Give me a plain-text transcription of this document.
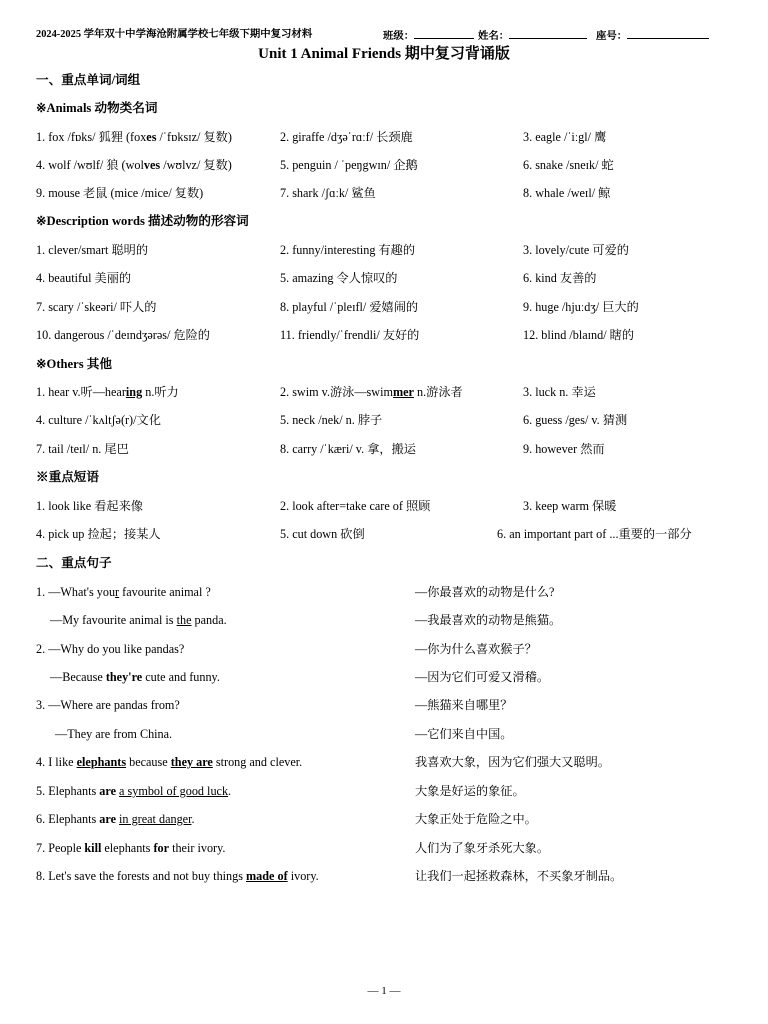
2024-2025 学年双十中学海沧附属学校七年级下期中复习材料	班级：	姓名：	座号：
Unit 1 Animal Friends 期中复习背诵版
一、重点单词/词组
※Animals 动物类名词
1. fox /fɒks/ 狐狸 (foxes /ˈfɒksɪz/ 复数)	2. giraffe /dʒəˈrɑːf/ 长颈鹿	3. eagle /ˈiːgl/ 鹰
4. wolf /wʊlf/ 狼 (wolves /wʊlvz/ 复数)	5. penguin / ˈpeŋgwɪn/ 企鹅	6. snake /sneɪk/ 蛇
9. mouse 老鼠 (mice /mice/ 复数)	7. shark /ʃɑːk/ 鲨鱼	8. whale /weɪl/ 鲸
※Description words 描述动物的形容词
1. clever/smart 聪明的	2. funny/interesting 有趣的	3. lovely/cute 可爱的
4. beautiful 美丽的	5. amazing 令人惊叹的	6. kind 友善的
7. scary /ˈskeəri/ 吓人的	8. playful /ˈpleɪfl/ 爱嬉闹的	9. huge /hjuːdʒ/ 巨大的
10. dangerous /ˈdeɪndʒərəs/ 危险的	11. friendly/ˈfrendli/ 友好的	12. blind /blaɪnd/ 瞎的
※Others 其他
1. hear v.听—hearing n.听力	2. swim v.游泳—swimmer n.游泳者	3. luck n. 幸运
4. culture /ˈkʌltʃə(r)/文化	5. neck /nek/ n. 脖子	6. guess /ges/ v. 猜测
7. tail /teɪl/ n. 尾巴	8. carry /ˈkæri/ v. 拿，搬运	9. however 然而
※重点短语
1. look like 看起来像	2. look after=take care of 照顾	3. keep warm 保暖
4. pick up 捡起；接某人	5. cut down 砍倒	6. an important part of ...重要的一部分
二、重点句子
1. —What's your favourite animal ?	—你最喜欢的动物是什么?
—My favourite animal is the panda.	—我最喜欢的动物是熊猫。
2. —Why do you like pandas?	—你为什么喜欢猴子？
—Because they're cute and funny.	—因为它们可爱又滑稽。
3. —Where are pandas from?	—熊猫来自哪里？
—They are from China.	—它们来自中国。
4. I like elephants because they are strong and clever.	我喜欢大象，因为它们强大又聪明。
5. Elephants are a symbol of good luck.	大象是好运的象征。
6. Elephants are in great danger.	大象正处于危险之中。
7. People kill elephants for their ivory.	人们为了象牙杀死大象。
8. Let's save the forests and not buy things made of ivory.	让我们一起拯救森林，不买象牙制品。
— 1 —
